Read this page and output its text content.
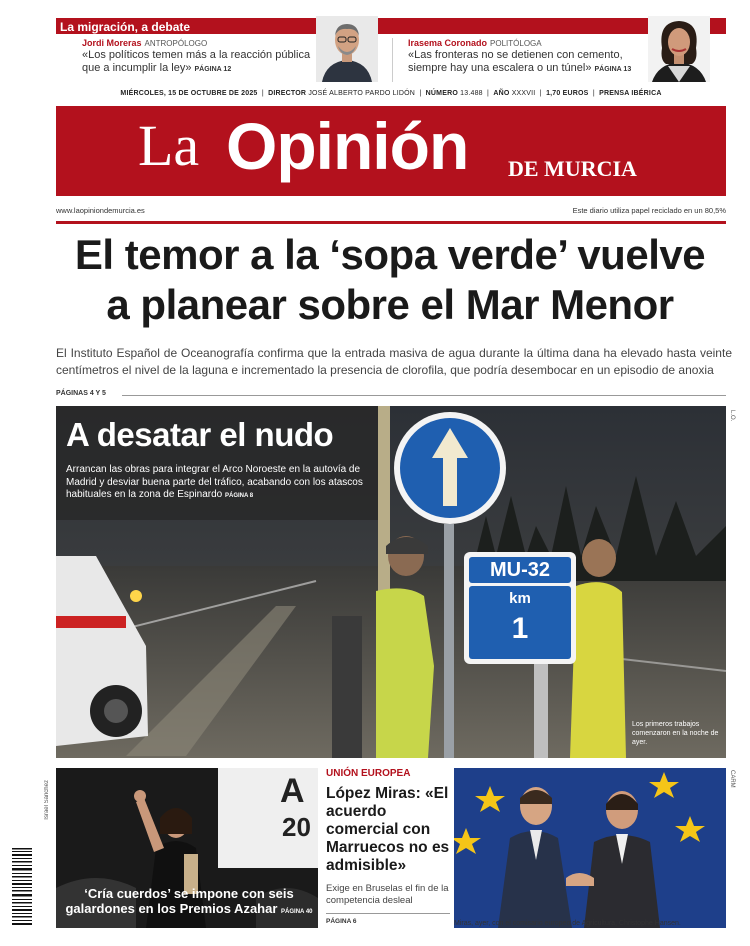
La migración, a debate
Jordi Moreras ANTROPÓLOGO
«Los políticos temen más a la reacción pública que a incumplir la ley» PÁGINA 12
Irasema Coronado POLITÓLOGA
«Las fronteras no se detienen con cemento, siempre hay una escalera o un túnel» PÁGINA 13
MIÉRCOLES, 15 DE OCTUBRE DE 2025  |  DIRECTOR JOSÉ ALBERTO PARDO LIDÓN  |  NÚMERO 13.488  |  AÑO XXXVII  |  1,70 EUROS  |  PRENSA IBÉRICA
La Opinión DE MURCIA
www.laopiniondemurcia.es	Este diario utiliza papel reciclado en un 80,5%
El temor a la ‘sopa verde’ vuelve
a planear sobre el Mar Menor
El Instituto Español de Oceanografía confirma que la entrada masiva de agua durante la última dana ha elevado hasta veinte centímetros el nivel de la laguna e incrementado la presencia de clorofila, que podría desembocar en un episodio de anoxia
PÁGINAS 4 Y 5
MU-32
km
1
A desatar el nudo
Arrancan las obras para integrar el Arco Noroeste en la autovía de Madrid y desviar buena parte del tráfico, acabando con los atascos habituales en la zona de Espinardo PÁGINA 8
Los primeros trabajos comenzaron en la noche de ayer.
L.O.
A
20
‘Cría cuerdos’ se impone con seis galardones en los Premios Azahar PÁGINA 40
Israel Sánchez
UNIÓN EUROPEA
López Miras: «El acuerdo comercial con Marruecos no es admisible»
Exige en Bruselas el fin de la competencia desleal
PÁGINA 6	Miras, ayer, con el comisario europeo de Agricultura, Christophe Hansen.
CARM
